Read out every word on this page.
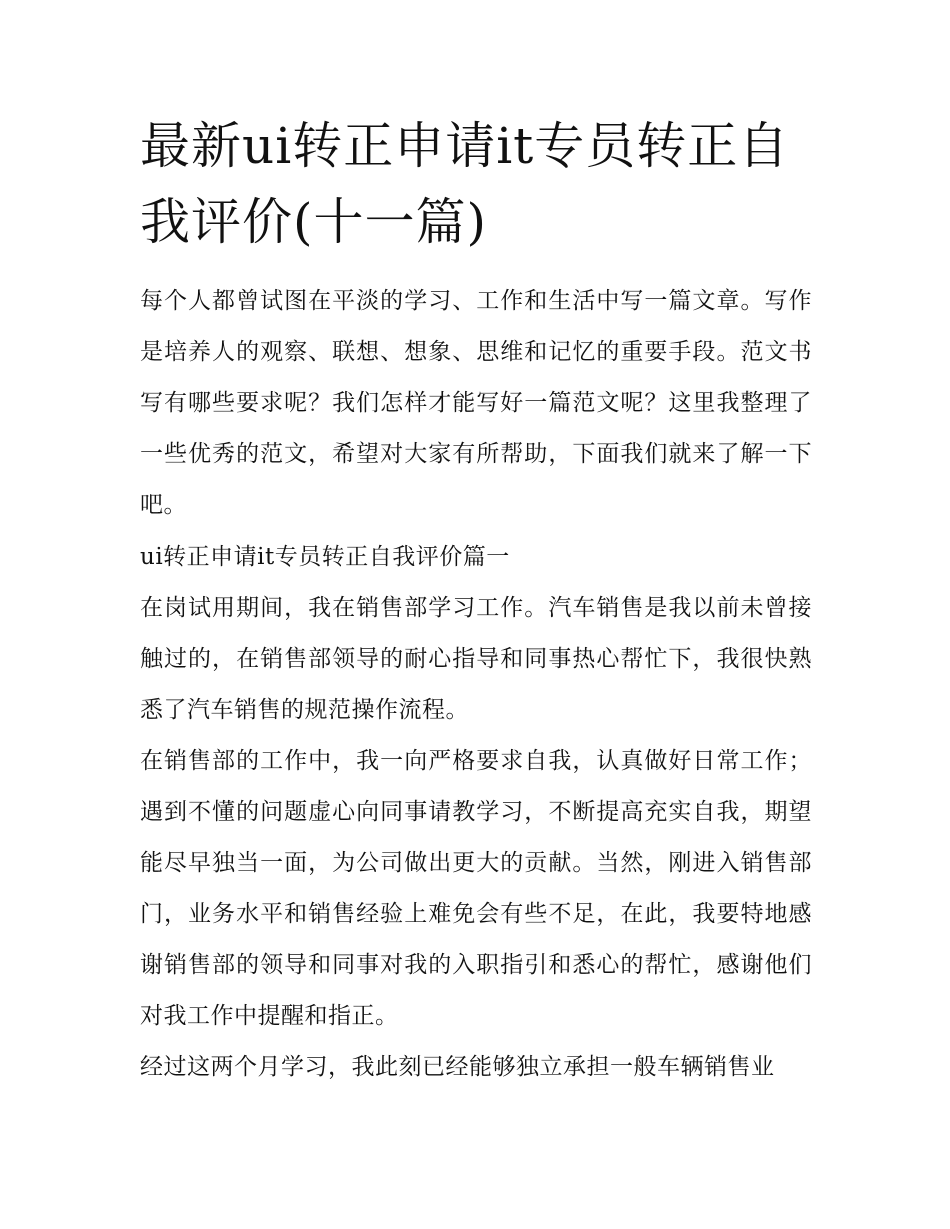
最新ui转正申请it专员转正自我评价(十一篇)

每个人都曾试图在平淡的学习、工作和生活中写一篇文章。写作是培养人的观察、联想、想象、思维和记忆的重要手段。范文书写有哪些要求呢？我们怎样才能写好一篇范文呢？这里我整理了一些优秀的范文，希望对大家有所帮助，下面我们就来了解一下吧。

ui转正申请it专员转正自我评价篇一

在岗试用期间，我在销售部学习工作。汽车销售是我以前未曾接触过的，在销售部领导的耐心指导和同事热心帮忙下，我很快熟悉了汽车销售的规范操作流程。

在销售部的工作中，我一向严格要求自我，认真做好日常工作；遇到不懂的问题虚心向同事请教学习，不断提高充实自我，期望能尽早独当一面，为公司做出更大的贡献。当然，刚进入销售部门，业务水平和销售经验上难免会有些不足，在此，我要特地感谢销售部的领导和同事对我的入职指引和悉心的帮忙，感谢他们对我工作中提醒和指正。

经过这两个月学习，我此刻已经能够独立承担一般车辆销售业
